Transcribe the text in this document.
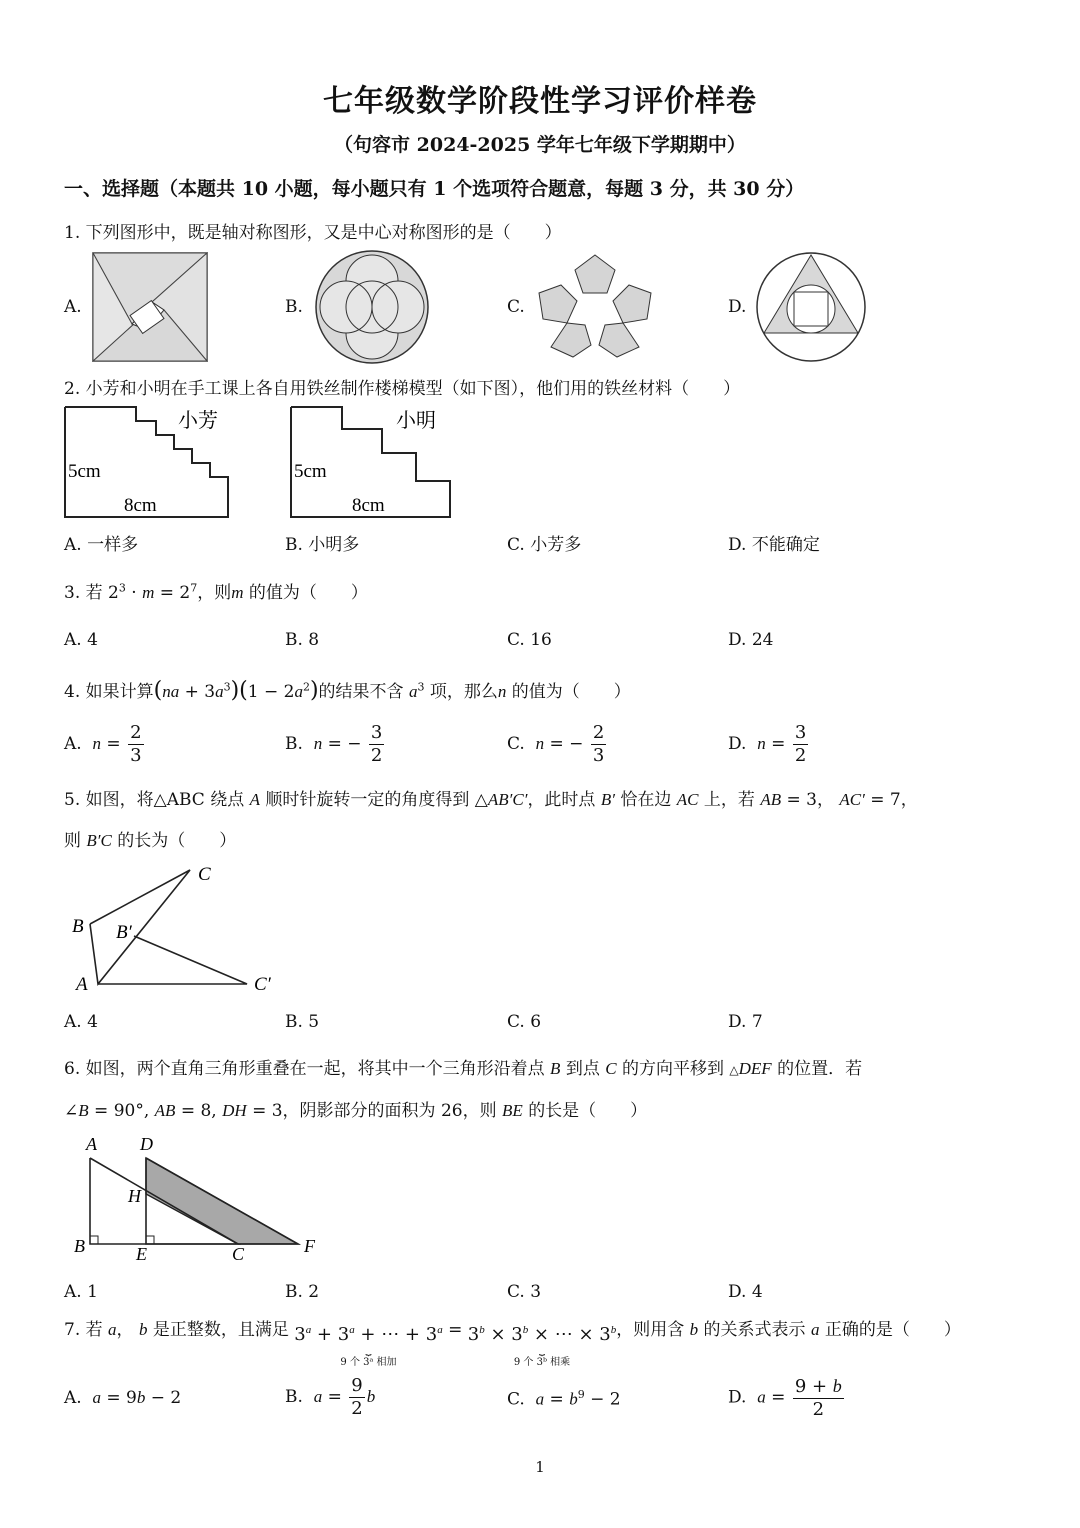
七年级数学阶段性学习评价样卷
（句容市 2024-2025 学年七年级下学期期中）
一、选择题（本题共 10 小题，每小题只有 1 个选项符合题意，每题 3 分，共 30 分）
1. 下列图形中，既是轴对称图形，又是中心对称图形的是（　　）
A.	B.	C.	D.
2. 小芳和小明在手工课上各自用铁丝制作楼梯模型（如下图），他们用的铁丝材料（　　）
小芳
5cm
8cm
小明
5cm
8cm
A. 一样多	B. 小明多	C. 小芳多	D. 不能确定
3. 若 $2^3 \cdot m = 2^7$，则m 的值为（　　）
A. 4	B. 8	C. 16	D. 24
4. 如果计算$(na + 3a^3)(1 - 2a^2)$的结果不含 $a^3$ 项，那么n 的值为（　　）
A. $n = \frac{2}{3}$	B. n = − $\frac{3}{2}$	C. n = − $\frac{2}{3}$	D. $n = \frac{3}{2}$
5. 如图，将△ABC 绕点 A 顺时针旋转一定的角度得到 △AB′C′，此时点 B′ 恰在边 AC 上，若 AB = 3， AC′ = 7，
则 B′C 的长为（　　）
C
B B′
A	C′
A. 4	B. 5	C. 6	D. 7
6. 如图，两个直角三角形重叠在一起，将其中一个三角形沿着点 B 到点 C 的方向平移到 △DEF 的位置．若
∠B = 90°, AB = 8, DH = 3，阴影部分的面积为 26，则 BE 的长是（　　）
A D
H
B	E	C	F
A. 1	B. 2	C. 3	D. 4
7. 若 a， b 是正整数，且满足 $3^a + 3^a$ + ⋯ + $3^a$
⏟
9 个 3ᵃ 相加
= $3^b \times 3^b$ × ⋯ × $3^b$
⏟
9 个 3ᵇ 相乘
，则用含 b 的关系式表示 a 正确的是（　　）
A. a = 9b − 2	B. $a = \frac{9}{2}$ b	C. $a = b^9 - 2$	D. $a = \frac{9 + b}{2}$
1
